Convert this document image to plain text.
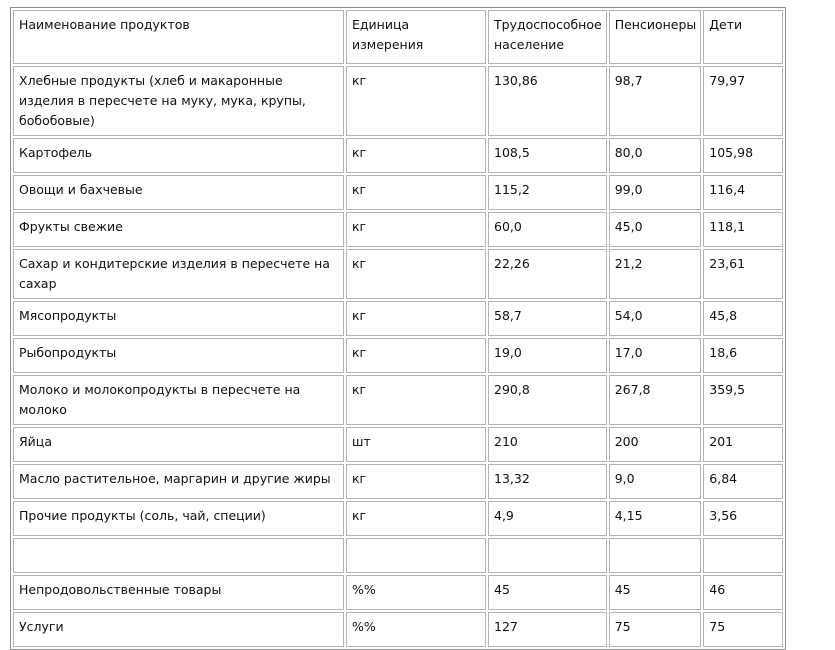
Наименование продуктов	Единица измерения	Трудоспособное население	Пенсионеры	Дети
Хлебные продукты (хлеб и макаронные изделия в пересчете на муку, мука, крупы, бобобовые)	кг	130,86	98,7	79,97
Картофель	кг	108,5	80,0	105,98
Овощи и бахчевые	кг	115,2	99,0	116,4
Фрукты свежие	кг	60,0	45,0	118,1
Сахар и кондитерские изделия в пересчете на сахар	кг	22,26	21,2	23,61
Мясопродукты	кг	58,7	54,0	45,8
Рыбопродукты	кг	19,0	17,0	18,6
Молоко и молокопродукты в пересчете на молоко	кг	290,8	267,8	359,5
Яйца	шт	210	200	201
Масло растительное, маргарин и другие жиры	кг	13,32	9,0	6,84
Прочие продукты (соль, чай, специи)	кг	4,9	4,15	3,56

Непродовольственные товары	%%	45	45	46
Услуги	%%	127	75	75
